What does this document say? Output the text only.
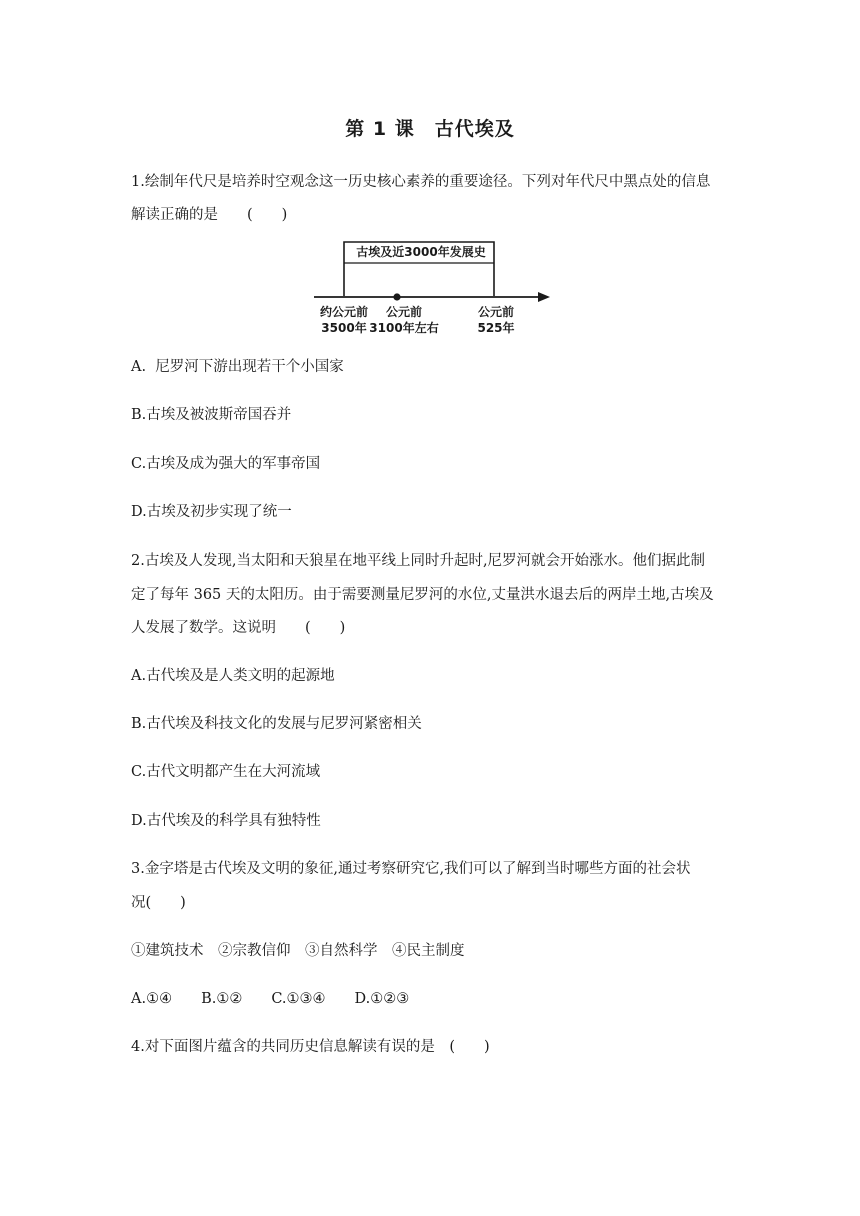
第 1 课　古代埃及
1.绘制年代尺是培养时空观念这一历史核心素养的重要途径。下列对年代尺中黑点处的信息
解读正确的是　　(　　)
古埃及近3000年发展史
约公元前
3500年
公元前
3100年左右
公元前
525年
A.  尼罗河下游出现若干个小国家
B.古埃及被波斯帝国吞并
C.古埃及成为强大的军事帝国
D.古埃及初步实现了统一
2.古埃及人发现,当太阳和天狼星在地平线上同时升起时,尼罗河就会开始涨水。他们据此制
定了每年 365 天的太阳历。由于需要测量尼罗河的水位,丈量洪水退去后的两岸土地,古埃及
人发展了数学。这说明　　(　　)
A.古代埃及是人类文明的起源地
B.古代埃及科技文化的发展与尼罗河紧密相关
C.古代文明都产生在大河流域
D.古代埃及的科学具有独特性
3.金字塔是古代埃及文明的象征,通过考察研究它,我们可以了解到当时哪些方面的社会状
况(　　)
①建筑技术　②宗教信仰　③自然科学　④民主制度
A.①④　　B.①②　　C.①③④　　D.①②③
4.对下面图片蕴含的共同历史信息解读有误的是　(　　)
